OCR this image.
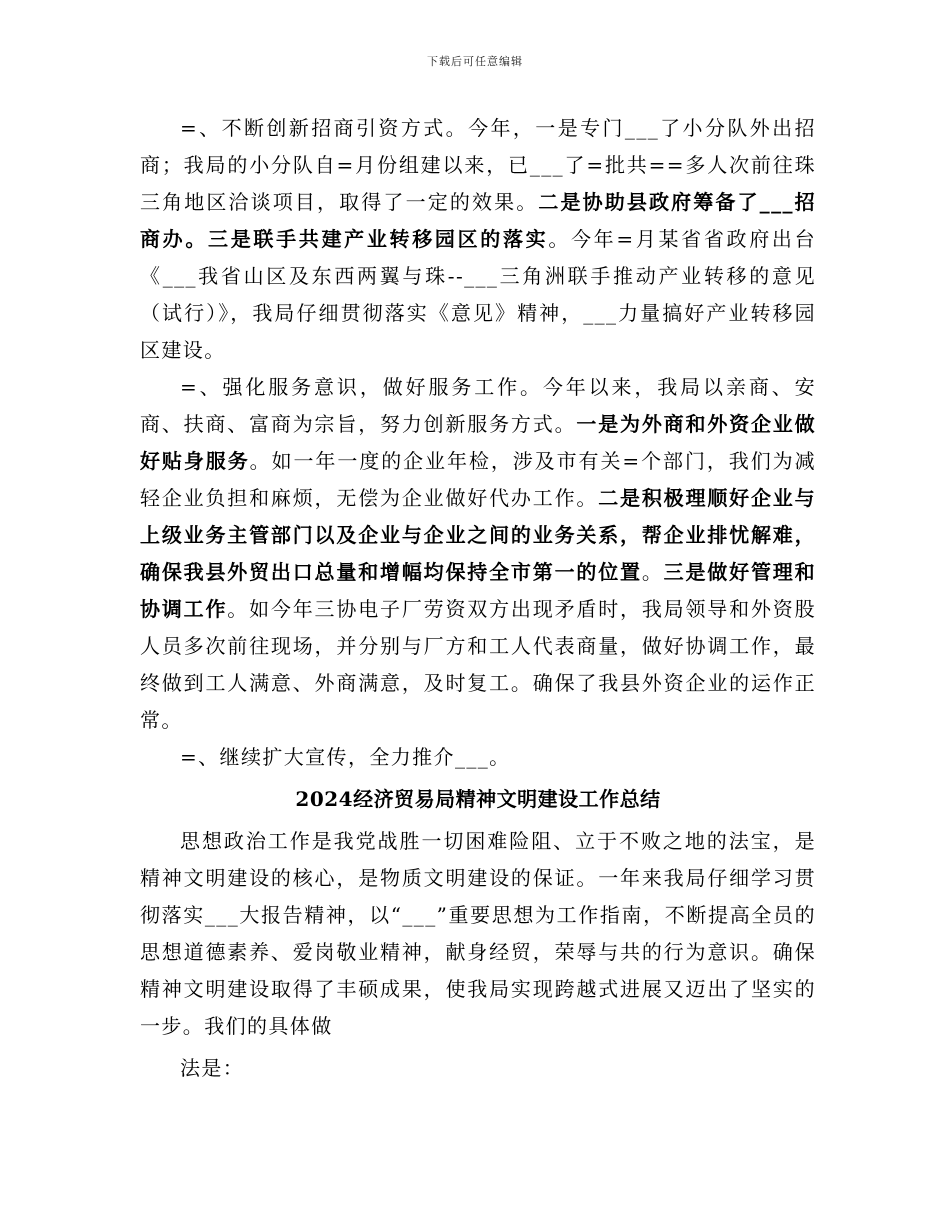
下载后可任意编辑

=、不断创新招商引资方式。今年，一是专门___了小分队外出招商；我局的小分队自=月份组建以来，已___了=批共==多人次前往珠三角地区洽谈项目，取得了一定的效果。二是协助县政府筹备了___招商办。三是联手共建产业转移园区的落实。今年=月某省省政府出台《___我省山区及东西两翼与珠--___三角洲联手推动产业转移的意见（试行）》，我局仔细贯彻落实《意见》精神，___力量搞好产业转移园区建设。

=、强化服务意识，做好服务工作。今年以来，我局以亲商、安商、扶商、富商为宗旨，努力创新服务方式。一是为外商和外资企业做好贴身服务。如一年一度的企业年检，涉及市有关=个部门，我们为减轻企业负担和麻烦，无偿为企业做好代办工作。二是积极理顺好企业与上级业务主管部门以及企业与企业之间的业务关系，帮企业排忧解难，确保我县外贸出口总量和增幅均保持全市第一的位置。三是做好管理和协调工作。如今年三协电子厂劳资双方出现矛盾时，我局领导和外资股人员多次前往现场，并分别与厂方和工人代表商量，做好协调工作，最终做到工人满意、外商满意，及时复工。确保了我县外资企业的运作正常。

=、继续扩大宣传，全力推介___。

2024经济贸易局精神文明建设工作总结

思想政治工作是我党战胜一切困难险阻、立于不败之地的法宝，是精神文明建设的核心，是物质文明建设的保证。一年来我局仔细学习贯彻落实___大报告精神，以“___”重要思想为工作指南，不断提高全员的思想道德素养、爱岗敬业精神，献身经贸，荣辱与共的行为意识。确保精神文明建设取得了丰硕成果，使我局实现跨越式进展又迈出了坚实的一步。我们的具体做

法是：
